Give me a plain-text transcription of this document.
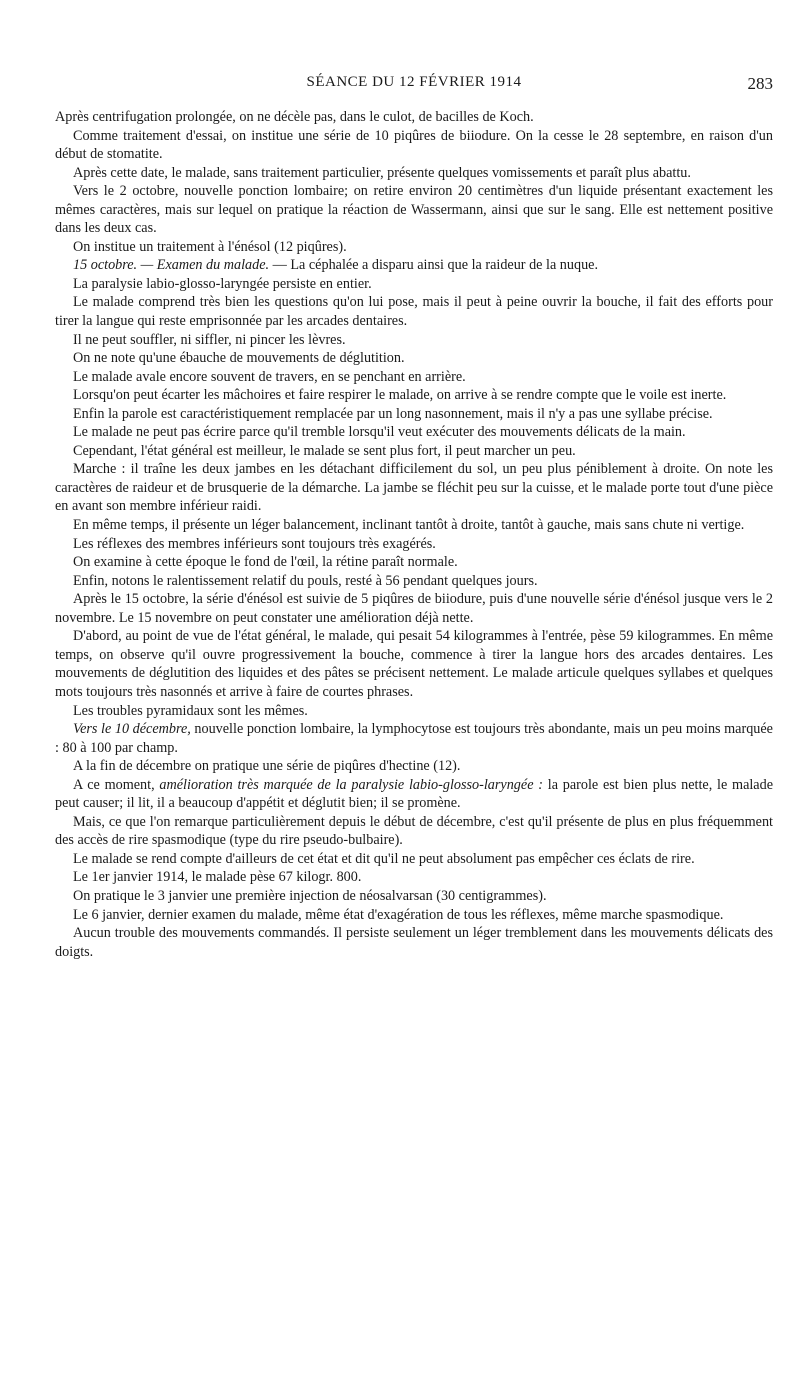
SÉANCE DU 12 FÉVRIER 1914	283

Après centrifugation prolongée, on ne décèle pas, dans le culot, de bacilles de Koch.

Comme traitement d'essai, on institue une série de 10 piqûres de biiodure. On la cesse le 28 septembre, en raison d'un début de stomatite.

Après cette date, le malade, sans traitement particulier, présente quelques vomissements et paraît plus abattu.

Vers le 2 octobre, nouvelle ponction lombaire; on retire environ 20 centimètres d'un liquide présentant exactement les mêmes caractères, mais sur lequel on pratique la réaction de Wassermann, ainsi que sur le sang. Elle est nettement positive dans les deux cas.

On institue un traitement à l'énésol (12 piqûres).

15 octobre. — Examen du malade. — La céphalée a disparu ainsi que la raideur de la nuque.

La paralysie labio-glosso-laryngée persiste en entier.

Le malade comprend très bien les questions qu'on lui pose, mais il peut à peine ouvrir la bouche, il fait des efforts pour tirer la langue qui reste emprisonnée par les arcades dentaires.

Il ne peut souffler, ni siffler, ni pincer les lèvres.

On ne note qu'une ébauche de mouvements de déglutition.

Le malade avale encore souvent de travers, en se penchant en arrière.

Lorsqu'on peut écarter les mâchoires et faire respirer le malade, on arrive à se rendre compte que le voile est inerte.

Enfin la parole est caractéristiquement remplacée par un long nasonnement, mais il n'y a pas une syllabe précise.

Le malade ne peut pas écrire parce qu'il tremble lorsqu'il veut exécuter des mouvements délicats de la main.

Cependant, l'état général est meilleur, le malade se sent plus fort, il peut marcher un peu.

Marche : il traîne les deux jambes en les détachant difficilement du sol, un peu plus péniblement à droite. On note les caractères de raideur et de brusquerie de la démarche. La jambe se fléchit peu sur la cuisse, et le malade porte tout d'une pièce en avant son membre inférieur raidi.

En même temps, il présente un léger balancement, inclinant tantôt à droite, tantôt à gauche, mais sans chute ni vertige.

Les réflexes des membres inférieurs sont toujours très exagérés.

On examine à cette époque le fond de l'œil, la rétine paraît normale.

Enfin, notons le ralentissement relatif du pouls, resté à 56 pendant quelques jours.

Après le 15 octobre, la série d'énésol est suivie de 5 piqûres de biiodure, puis d'une nouvelle série d'énésol jusque vers le 2 novembre. Le 15 novembre on peut constater une amélioration déjà nette.

D'abord, au point de vue de l'état général, le malade, qui pesait 54 kilogrammes à l'entrée, pèse 59 kilogrammes. En même temps, on observe qu'il ouvre progressivement la bouche, commence à tirer la langue hors des arcades dentaires. Les mouvements de déglutition des liquides et des pâtes se précisent nettement. Le malade articule quelques syllabes et quelques mots toujours très nasonnés et arrive à faire de courtes phrases.

Les troubles pyramidaux sont les mêmes.

Vers le 10 décembre, nouvelle ponction lombaire, la lymphocytose est toujours très abondante, mais un peu moins marquée : 80 à 100 par champ.

A la fin de décembre on pratique une série de piqûres d'hectine (12).

A ce moment, amélioration très marquée de la paralysie labio-glosso-laryngée : la parole est bien plus nette, le malade peut causer; il lit, il a beaucoup d'appétit et déglutit bien; il se promène.

Mais, ce que l'on remarque particulièrement depuis le début de décembre, c'est qu'il présente de plus en plus fréquemment des accès de rire spasmodique (type du rire pseudo-bulbaire).

Le malade se rend compte d'ailleurs de cet état et dit qu'il ne peut absolument pas empêcher ces éclats de rire.

Le 1er janvier 1914, le malade pèse 67 kilogr. 800.

On pratique le 3 janvier une première injection de néosalvarsan (30 centigrammes).

Le 6 janvier, dernier examen du malade, même état d'exagération de tous les réflexes, même marche spasmodique.

Aucun trouble des mouvements commandés. Il persiste seulement un léger tremblement dans les mouvements délicats des doigts.
